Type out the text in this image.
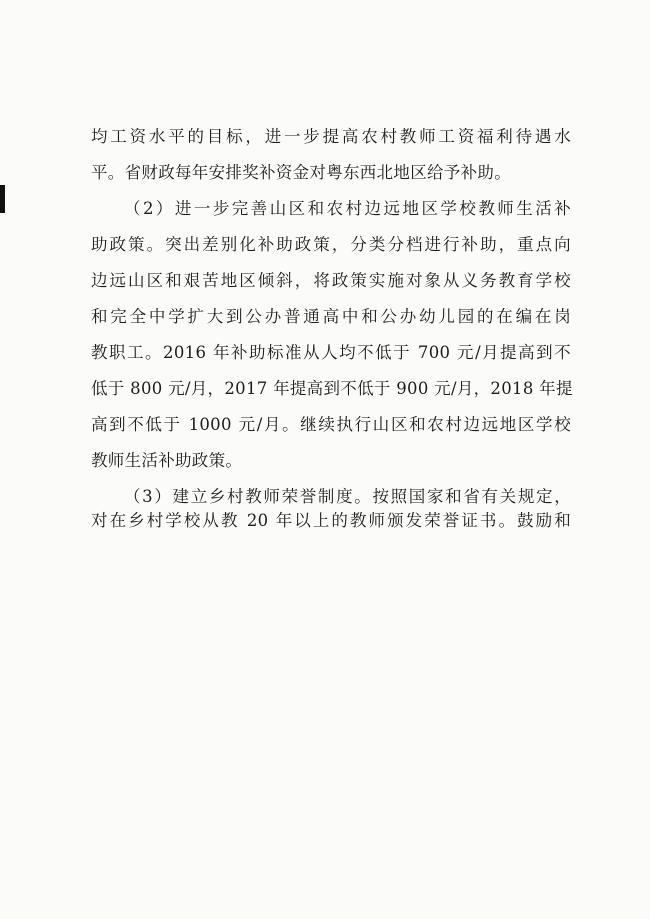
均工资水平的目标，进一步提高农村教师工资福利待遇水
平。省财政每年安排奖补资金对粤东西北地区给予补助。
（2）进一步完善山区和农村边远地区学校教师生活补
助政策。突出差别化补助政策，分类分档进行补助，重点向
边远山区和艰苦地区倾斜，将政策实施对象从义务教育学校
和完全中学扩大到公办普通高中和公办幼儿园的在编在岗
教职工。2016 年补助标准从人均不低于 700 元/月提高到不
低于 800 元/月，2017 年提高到不低于 900 元/月，2018 年提
高到不低于 1000 元/月。继续执行山区和农村边远地区学校
教师生活补助政策。
（3）建立乡村教师荣誉制度。按照国家和省有关规定，
对在乡村学校从教 20 年以上的教师颁发荣誉证书。鼓励和
